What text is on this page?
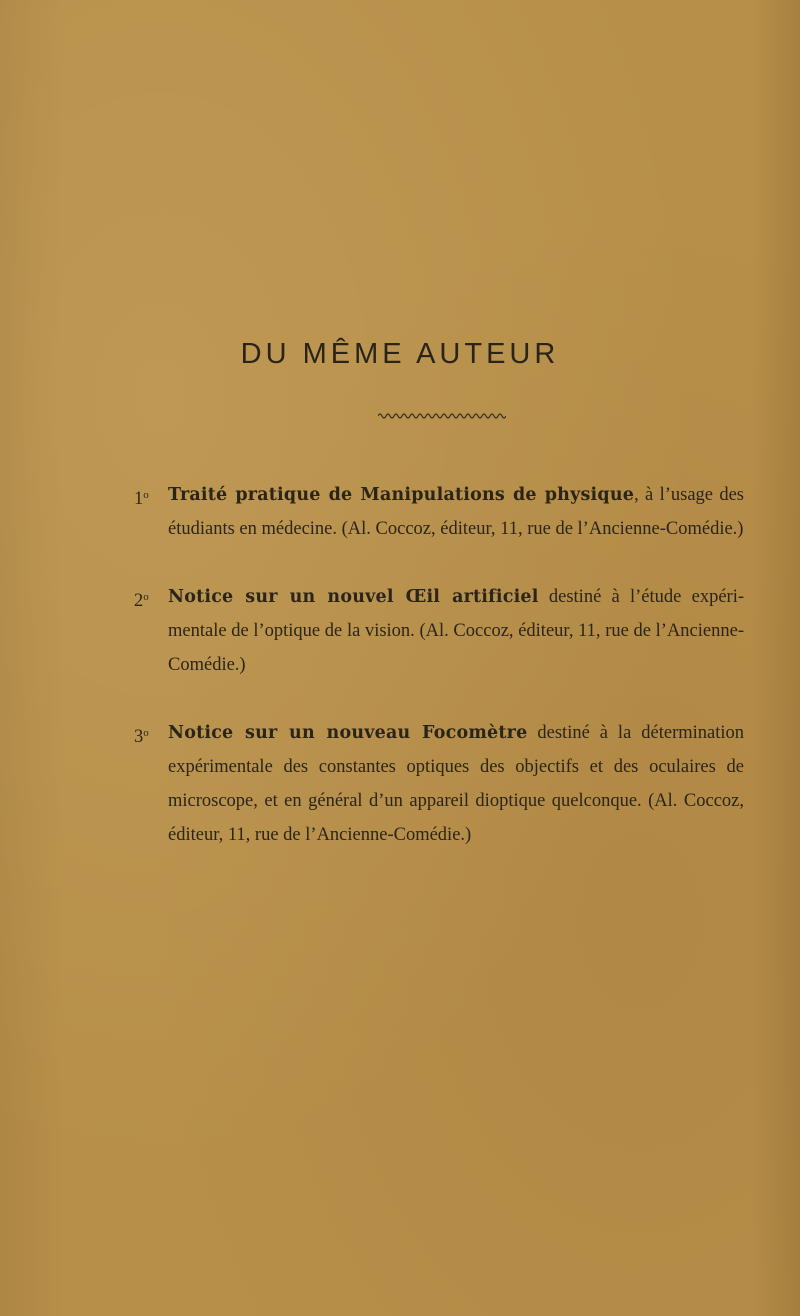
DU MÊME AUTEUR
1$^o$ Traité pratique de Manipulations de physique, à l’usage des étudiants en médecine. (Al. Coccoz, éditeur, 11, rue de l’Ancienne-Comédie.)
2$^o$ Notice sur un nouvel Œil artificiel destiné à l’étude expéri-mentale de l’optique de la vision. (Al. Coccoz, éditeur, 11, rue de l’Ancienne-Comédie.)
3$^o$ Notice sur un nouveau Focomètre destiné à la détermination expérimentale des constantes optiques des objectifs et des oculaires de microscope, et en général d’un appareil dioptique quelconque. (Al. Coccoz, éditeur, 11, rue de l’Ancienne-Comédie.)
